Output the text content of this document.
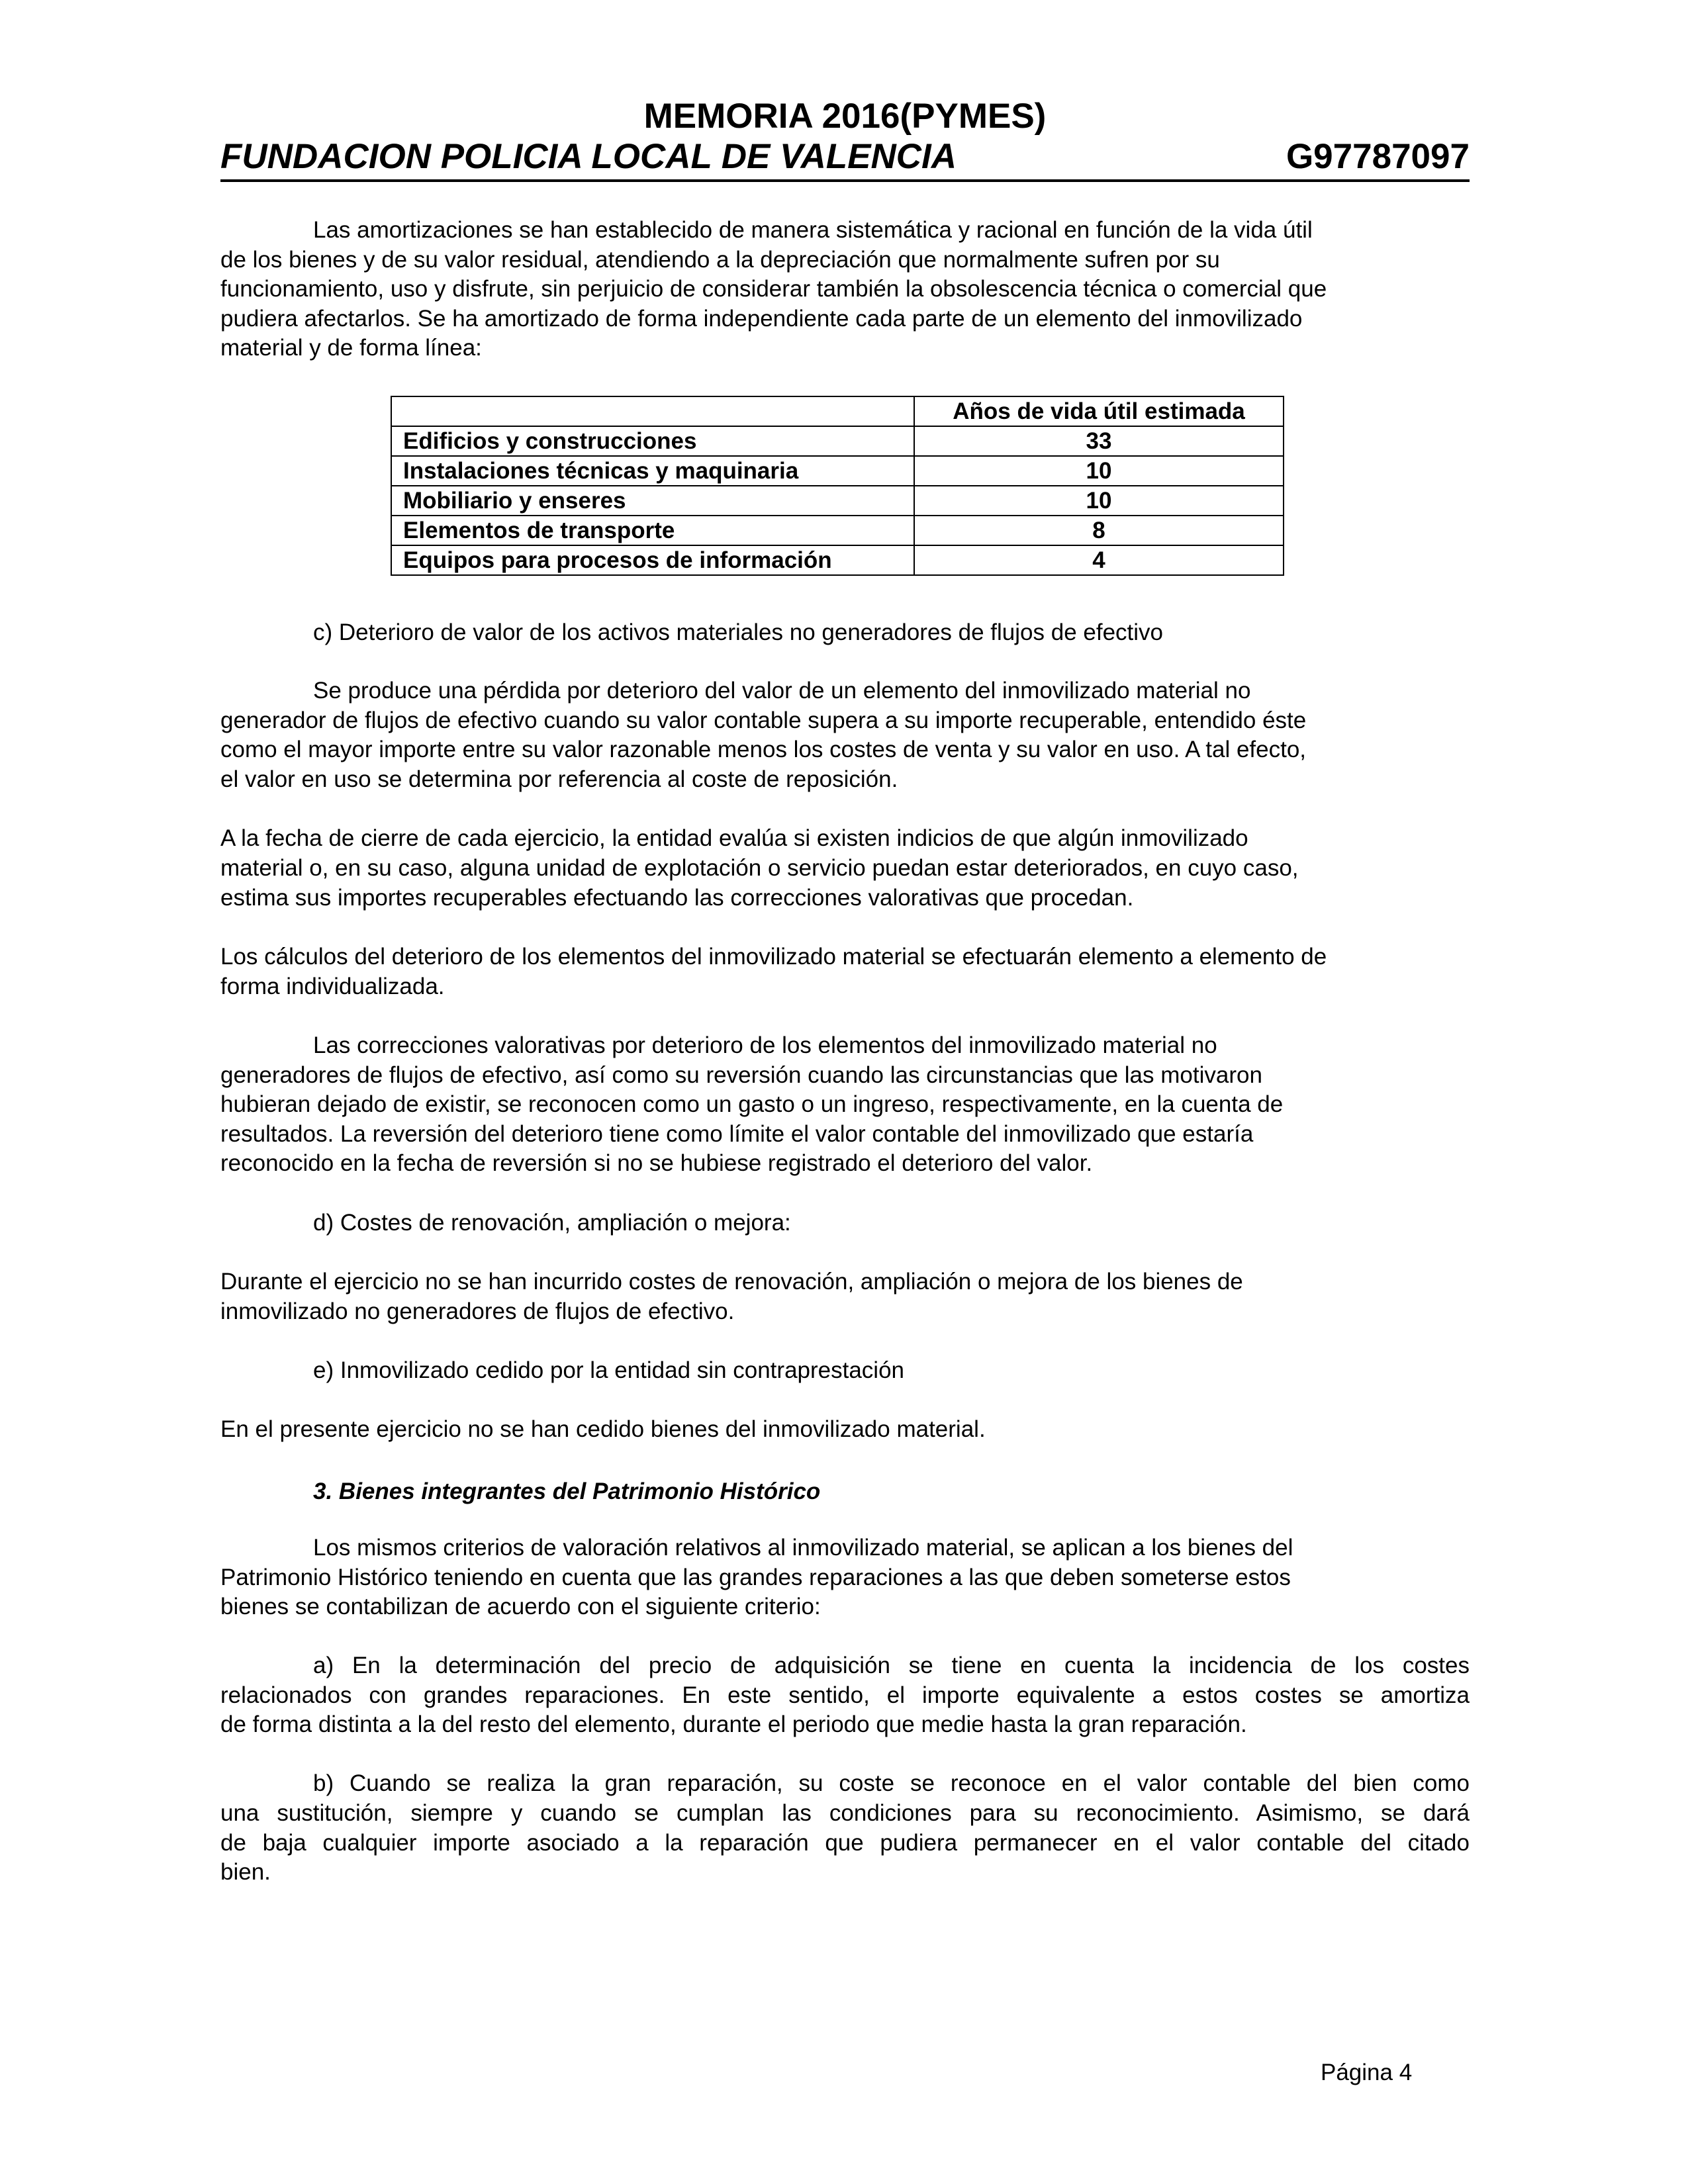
MEMORIA 2016(PYMES)
FUNDACION POLICIA LOCAL DE VALENCIA	G97787097
Las amortizaciones se han establecido de manera sistemática y racional en función de la vida útil
de los bienes y de su valor residual, atendiendo a la depreciación que normalmente sufren por su
funcionamiento, uso y disfrute, sin perjuicio de considerar también la obsolescencia técnica o comercial que
pudiera afectarlos. Se ha amortizado de forma independiente cada parte de un elemento del inmovilizado
material y de forma línea:
	Años de vida útil estimada
Edificios y construcciones	33
Instalaciones técnicas y maquinaria	10
Mobiliario y enseres	10
Elementos de transporte	8
Equipos para procesos de información	4
c) Deterioro de valor de los activos materiales no generadores de flujos de efectivo
Se produce una pérdida por deterioro del valor de un elemento del inmovilizado material no
generador de flujos de efectivo cuando su valor contable supera a su importe recuperable, entendido éste
como el mayor importe entre su valor razonable menos los costes de venta y su valor en uso. A tal efecto,
el valor en uso se determina por referencia al coste de reposición.
A la fecha de cierre de cada ejercicio, la entidad evalúa si existen indicios de que algún inmovilizado
material o, en su caso, alguna unidad de explotación o servicio puedan estar deteriorados, en cuyo caso,
estima sus importes recuperables efectuando las correcciones valorativas que procedan.
Los cálculos del deterioro de los elementos del inmovilizado material se efectuarán elemento a elemento de
forma individualizada.
Las correcciones valorativas por deterioro de los elementos del inmovilizado material no
generadores de flujos de efectivo, así como su reversión cuando las circunstancias que las motivaron
hubieran dejado de existir, se reconocen como un gasto o un ingreso, respectivamente, en la cuenta de
resultados. La reversión del deterioro tiene como límite el valor contable del inmovilizado que estaría
reconocido en la fecha de reversión si no se hubiese registrado el deterioro del valor.
d) Costes de renovación, ampliación o mejora:
Durante el ejercicio no se han incurrido costes de renovación, ampliación o mejora de los bienes de
inmovilizado no generadores de flujos de efectivo.
e) Inmovilizado cedido por la entidad sin contraprestación
En el presente ejercicio no se han cedido bienes del inmovilizado material.
3. Bienes integrantes del Patrimonio Histórico
Los mismos criterios de valoración relativos al inmovilizado material, se aplican a los bienes del
Patrimonio Histórico teniendo en cuenta que las grandes reparaciones a las que deben someterse estos
bienes se contabilizan de acuerdo con el siguiente criterio:
a) En la determinación del precio de adquisición se tiene en cuenta la incidencia de los costes
relacionados con grandes reparaciones. En este sentido, el importe equivalente a estos costes se amortiza
de forma distinta a la del resto del elemento, durante el periodo que medie hasta la gran reparación.
b) Cuando se realiza la gran reparación, su coste se reconoce en el valor contable del bien como
una sustitución, siempre y cuando se cumplan las condiciones para su reconocimiento. Asimismo, se dará
de baja cualquier importe asociado a la reparación que pudiera permanecer en el valor contable del citado
bien.
Página 4
